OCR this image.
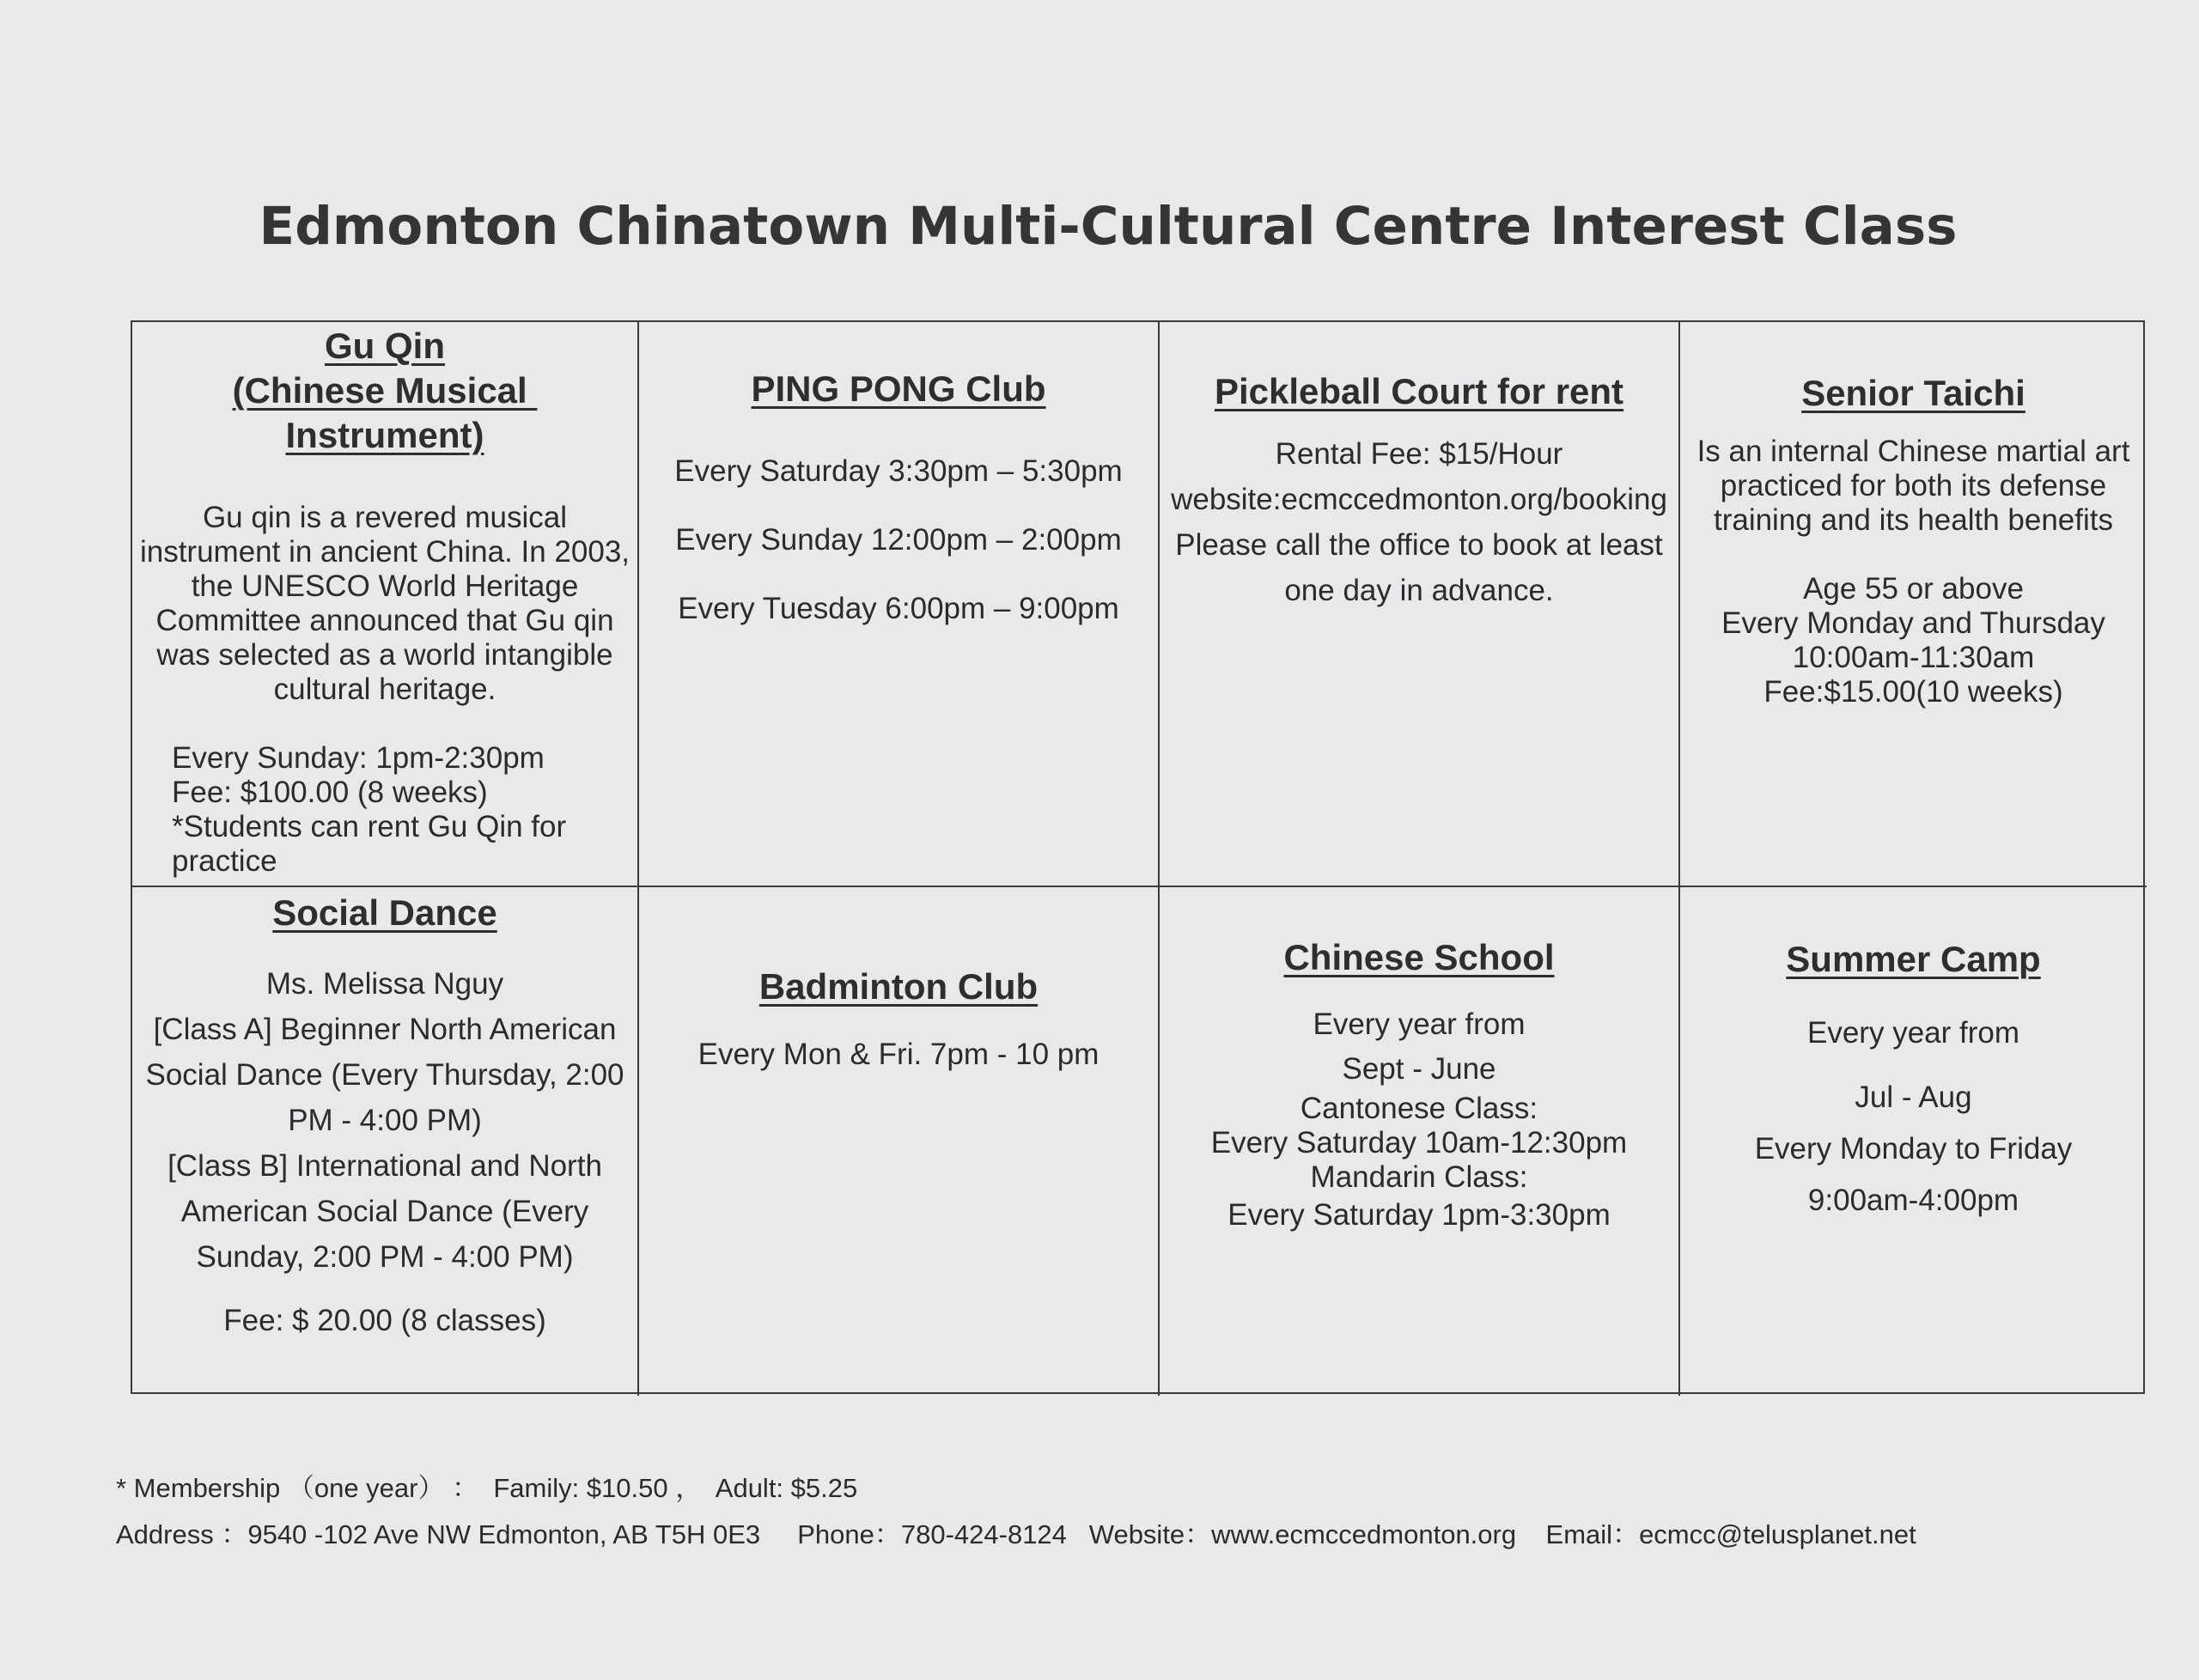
Edmonton Chinatown Multi-Cultural Centre Interest Class

Gu Qin

(Chinese Musical

Instrument)

Gu qin is a revered musical

instrument in ancient China. In 2003,

the UNESCO World Heritage

Committee announced that Gu qin

was selected as a world intangible

cultural heritage.

Every Sunday: 1pm-2:30pm

Fee: $100.00 (8 weeks)

*Students can rent Gu Qin for

practice

PING PONG Club

Every Saturday 3:30pm – 5:30pm

Every Sunday 12:00pm – 2:00pm

Every Tuesday 6:00pm – 9:00pm

Pickleball Court for rent

Rental Fee: $15/Hour

website:ecmccedmonton.org/booking

Please call the office to book at least

one day in advance.

Senior Taichi

Is an internal Chinese martial art

practiced for both its defense

training and its health benefits

Age 55 or above

Every Monday and Thursday

10:00am-11:30am

Fee:$15.00(10 weeks)

Social Dance

Ms. Melissa Nguy

[Class A] Beginner North American

Social Dance (Every Thursday, 2:00

PM - 4:00 PM)

[Class B] International and North

American Social Dance (Every

Sunday, 2:00 PM - 4:00 PM)

Fee: $ 20.00 (8 classes)

Badminton Club

Every Mon & Fri. 7pm - 10 pm

Chinese School

Every year from

Sept - June

Cantonese Class:

Every Saturday 10am-12:30pm

Mandarin Class:

Every Saturday 1pm-3:30pm

Summer Camp

Every year from

Jul - Aug

Every Monday to Friday

9:00am-4:00pm

* Membership （one year） ：  Family: $10.50 ，  Adult: $5.25
Address ：9540 -102 Ave NW Edmonton, AB T5H 0E3     Phone：780-424-8124   Website：www.ecmccedmonton.org    Email：ecmcc@telusplanet.net
